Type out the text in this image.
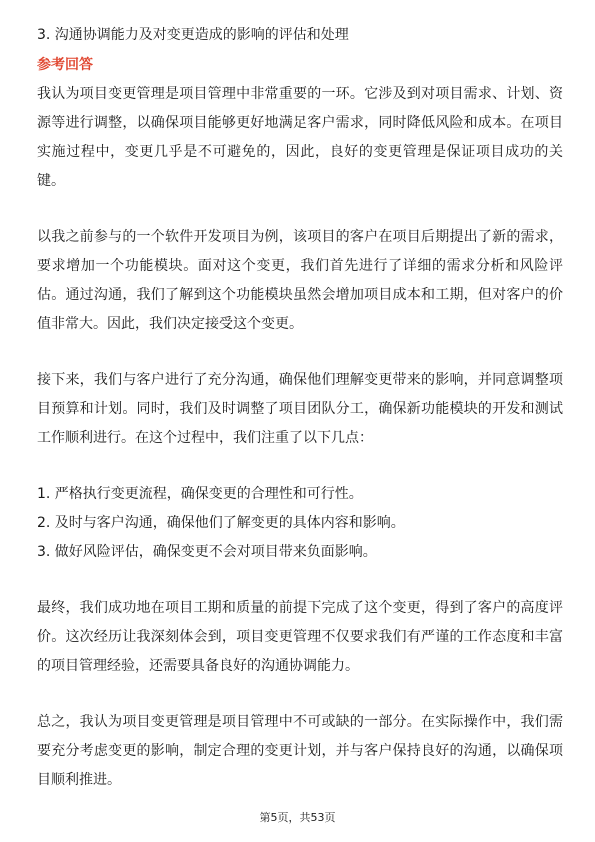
3. 沟通协调能力及对变更造成的影响的评估和处理
参考回答

我认为项目变更管理是项目管理中非常重要的一环。它涉及到对项目需求、计划、资源等进行调整，以确保项目能够更好地满足客户需求，同时降低风险和成本。在项目实施过程中，变更几乎是不可避免的，因此，良好的变更管理是保证项目成功的关键。

以我之前参与的一个软件开发项目为例，该项目的客户在项目后期提出了新的需求，要求增加一个功能模块。面对这个变更，我们首先进行了详细的需求分析和风险评估。通过沟通，我们了解到这个功能模块虽然会增加项目成本和工期，但对客户的价值非常大。因此，我们决定接受这个变更。

接下来，我们与客户进行了充分沟通，确保他们理解变更带来的影响，并同意调整项目预算和计划。同时，我们及时调整了项目团队分工，确保新功能模块的开发和测试工作顺利进行。在这个过程中，我们注重了以下几点：

1. 严格执行变更流程，确保变更的合理性和可行性。
2. 及时与客户沟通，确保他们了解变更的具体内容和影响。
3. 做好风险评估，确保变更不会对项目带来负面影响。

最终，我们成功地在项目工期和质量的前提下完成了这个变更，得到了客户的高度评价。这次经历让我深刻体会到，项目变更管理不仅要求我们有严谨的工作态度和丰富的项目管理经验，还需要具备良好的沟通协调能力。

总之，我认为项目变更管理是项目管理中不可或缺的一部分。在实际操作中，我们需要充分考虑变更的影响，制定合理的变更计划，并与客户保持良好的沟通，以确保项目顺利推进。

第5页，共53页
